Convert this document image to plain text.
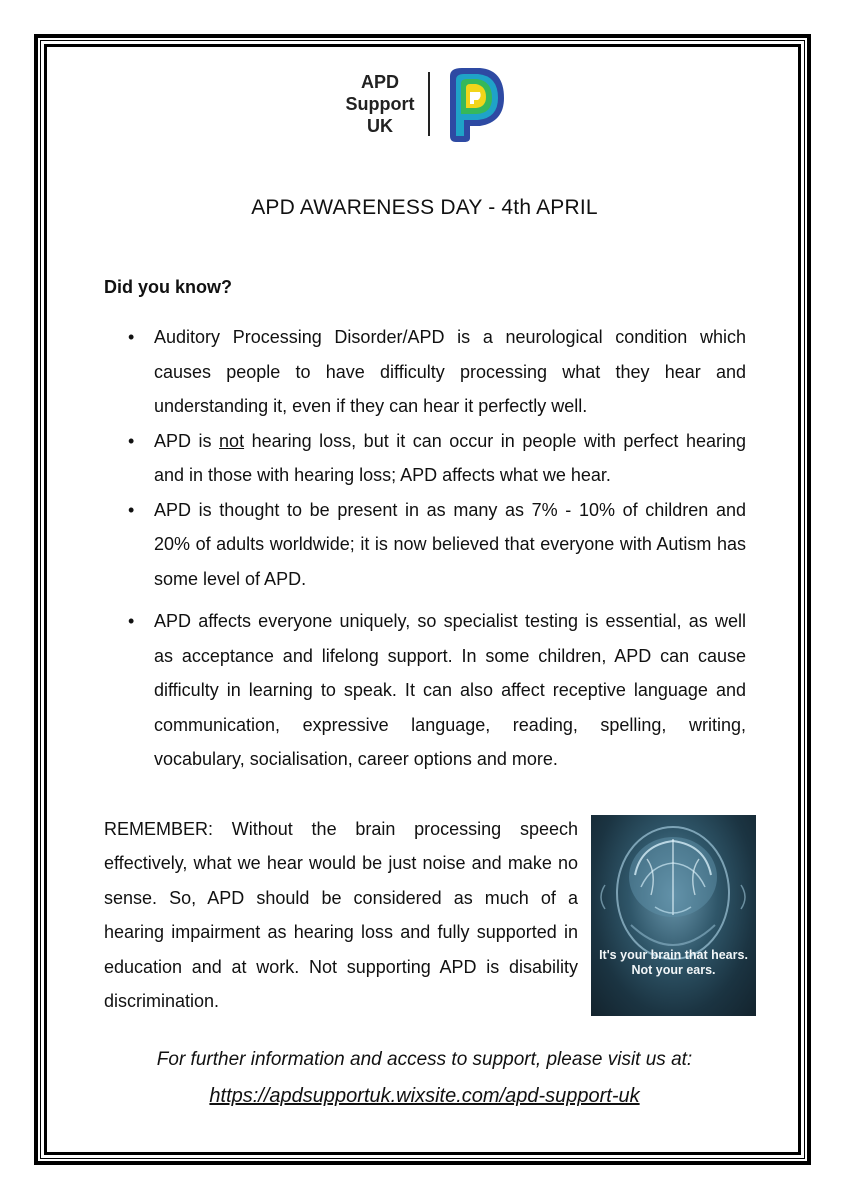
APD
Support
UK
APD AWARENESS DAY - 4th APRIL
Did you know?
• Auditory Processing Disorder/APD is a neurological condition which causes people to have difficulty processing what they hear and understanding it, even if they can hear it perfectly well.
• APD is not hearing loss, but it can occur in people with perfect hearing and in those with hearing loss; APD affects what we hear.
• APD is thought to be present in as many as 7% - 10% of children and 20% of adults worldwide; it is now believed that everyone with Autism has some level of APD.
• APD affects everyone uniquely, so specialist testing is essential, as well as acceptance and lifelong support. In some children, APD can cause difficulty in learning to speak. It can also affect receptive language and communication, expressive language, reading, spelling, writing, vocabulary, socialisation, career options and more.

REMEMBER: Without the brain processing speech effectively, what we hear would be just noise and make no sense. So, APD should be considered as much of a hearing impairment as hearing loss and fully supported in education and at work. Not supporting APD is disability discrimination.

It's your brain that hears.
Not your ears.
For further information and access to support, please visit us at:
https://apdsupportuk.wixsite.com/apd-support-uk
